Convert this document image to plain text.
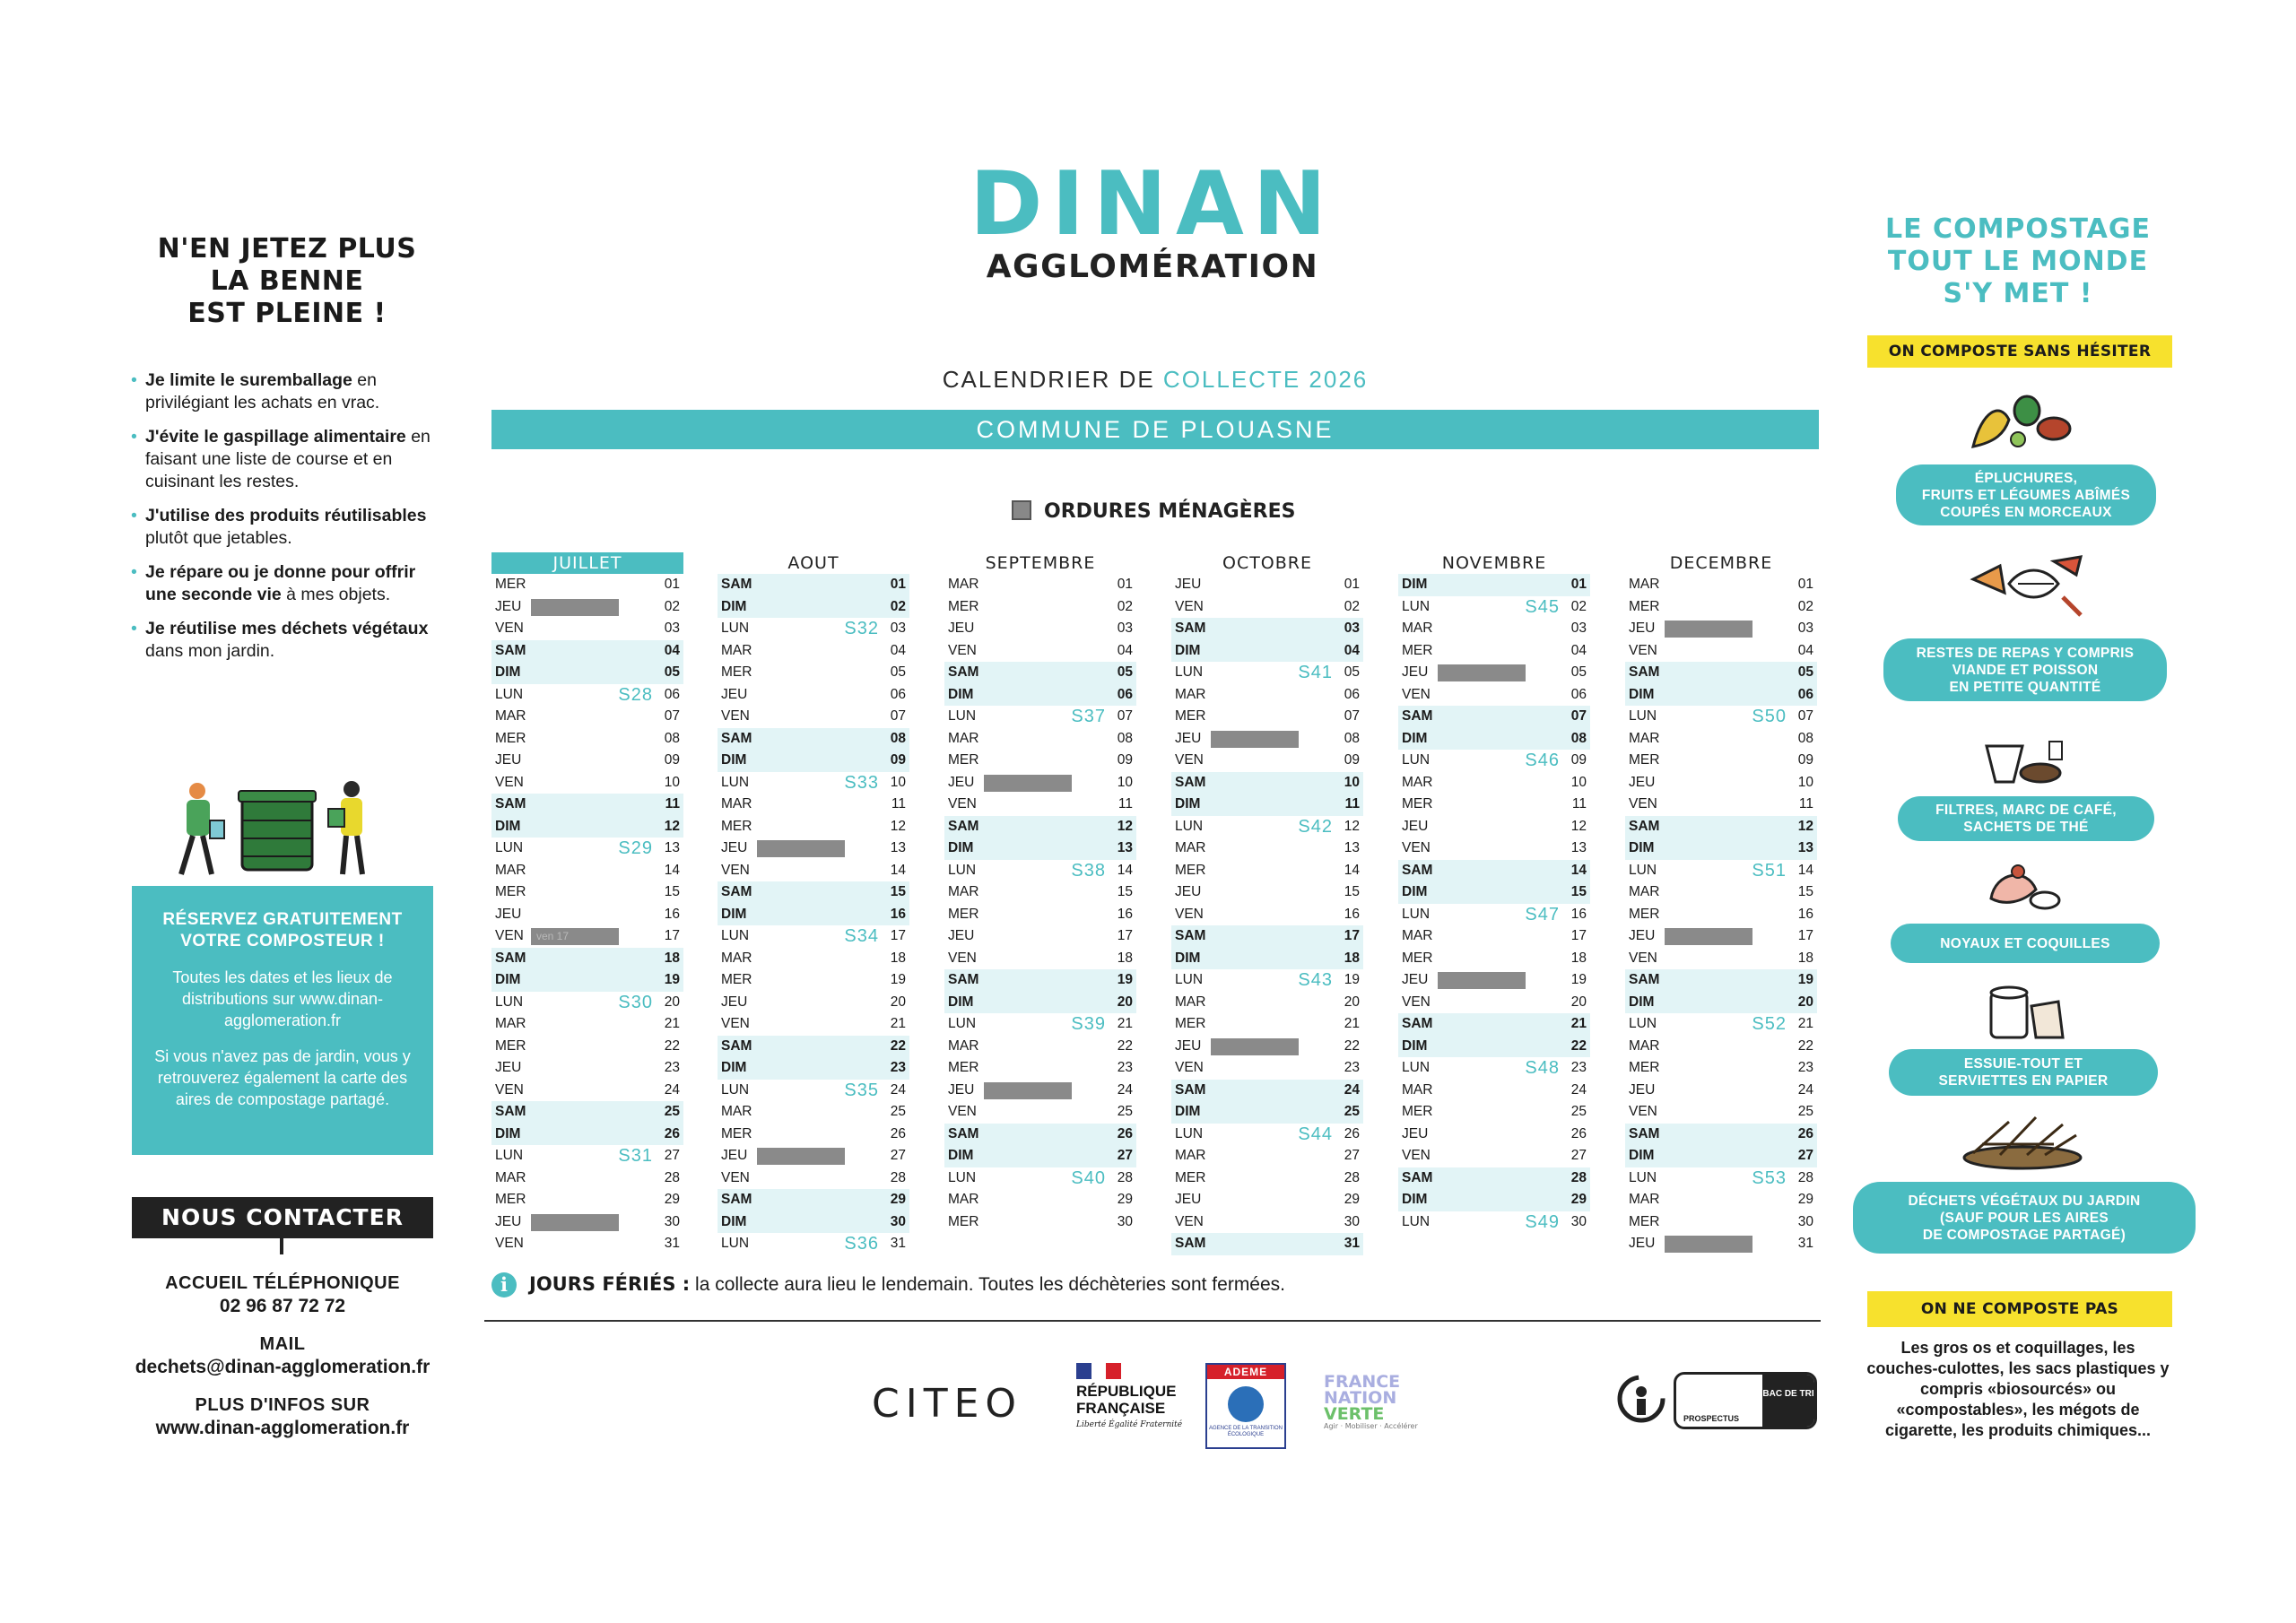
N'EN JETEZ PLUS
LA BENNE
EST PLEINE !
• Je limite le suremballage en privilégiant les achats en vrac.
• J'évite le gaspillage alimentaire en faisant une liste de course et en cuisinant les restes.
• J'utilise des produits réutilisables plutôt que jetables.
• Je répare ou je donne pour offrir une seconde vie à mes objets.
• Je réutilise mes déchets végétaux dans mon jardin.
RÉSERVEZ GRATUITEMENT
VOTRE COMPOSTEUR !

Toutes les dates et les lieux de distributions sur www.dinan-agglomeration.fr

Si vous n'avez pas de jardin, vous y retrouverez également la carte des aires de compostage partagé.

NOUS CONTACTER
ACCUEIL TÉLÉPHONIQUE
02 96 87 72 72
MAIL
dechets@dinan-agglomeration.fr
PLUS D'INFOS SUR
www.dinan-agglomeration.fr
DINAN
AGGLOMÉRATION
CALENDRIER DE COLLECTE 2026
COMMUNE DE PLOUASNE
ORDURES MÉNAGÈRES
JUILLET
MER	01
JEU	02
VEN	03
SAM	04
DIM	05
LUN	S28 06
MAR	07
MER	08
JEU	09
VEN	10
SAM	11
DIM	12
LUN	S29 13
MAR	14
MER	15
JEU	16
VEN	ven 17	17
SAM	18
DIM	19
LUN	S30 20
MAR	21
MER	22
JEU	23
VEN	24
SAM	25
DIM	26
LUN	S31 27
MAR	28
MER	29
JEU	30
VEN	31
AOUT
SAM	01
DIM	02
LUN	S32 03
MAR	04
MER	05
JEU	06
VEN	07
SAM	08
DIM	09
LUN	S33 10
MAR	11
MER	12
JEU	13
VEN	14
SAM	15
DIM	16
LUN	S34 17
MAR	18
MER	19
JEU	20
VEN	21
SAM	22
DIM	23
LUN	S35 24
MAR	25
MER	26
JEU	27
VEN	28
SAM	29
DIM	30
LUN	S36 31
SEPTEMBRE
MAR	01
MER	02
JEU	03
VEN	04
SAM	05
DIM	06
LUN	S37 07
MAR	08
MER	09
JEU	10
VEN	11
SAM	12
DIM	13
LUN	S38 14
MAR	15
MER	16
JEU	17
VEN	18
SAM	19
DIM	20
LUN	S39 21
MAR	22
MER	23
JEU	24
VEN	25
SAM	26
DIM	27
LUN	S40 28
MAR	29
MER	30
OCTOBRE
JEU	01
VEN	02
SAM	03
DIM	04
LUN	S41 05
MAR	06
MER	07
JEU	08
VEN	09
SAM	10
DIM	11
LUN	S42 12
MAR	13
MER	14
JEU	15
VEN	16
SAM	17
DIM	18
LUN	S43 19
MAR	20
MER	21
JEU	22
VEN	23
SAM	24
DIM	25
LUN	S44 26
MAR	27
MER	28
JEU	29
VEN	30
SAM	31
NOVEMBRE
DIM	01
LUN	S45 02
MAR	03
MER	04
JEU	05
VEN	06
SAM	07
DIM	08
LUN	S46 09
MAR	10
MER	11
JEU	12
VEN	13
SAM	14
DIM	15
LUN	S47 16
MAR	17
MER	18
JEU	19
VEN	20
SAM	21
DIM	22
LUN	S48 23
MAR	24
MER	25
JEU	26
VEN	27
SAM	28
DIM	29
LUN	S49 30
DECEMBRE
MAR	01
MER	02
JEU	03
VEN	04
SAM	05
DIM	06
LUN	S50 07
MAR	08
MER	09
JEU	10
VEN	11
SAM	12
DIM	13
LUN	S51 14
MAR	15
MER	16
JEU	17
VEN	18
SAM	19
DIM	20
LUN	S52 21
MAR	22
MER	23
JEU	24
VEN	25
SAM	26
DIM	27
LUN	S53 28
MAR	29
MER	30
JEU	31
i JOURS FÉRIÉS : la collecte aura lieu le lendemain. Toutes les déchèteries sont fermées.
CITEO	RÉPUBLIQUE FRANÇAISE
Liberté Égalité Fraternité
ADEME
AGENCE DE LA TRANSITION ÉCOLOGIQUE
FRANCE
NATION
VERTE
Agir · Mobiliser · Accélérer
PROSPECTUS
BAC DE TRI
LE COMPOSTAGE
TOUT LE MONDE
S'Y MET !
ON COMPOSTE SANS HÉSITER
ÉPLUCHURES,
FRUITS ET LÉGUMES ABÎMÉS
COUPÉS EN MORCEAUX
RESTES DE REPAS Y COMPRIS
VIANDE ET POISSON
EN PETITE QUANTITÉ
FILTRES, MARC DE CAFÉ,
SACHETS DE THÉ
NOYAUX ET COQUILLES
ESSUIE-TOUT ET
SERVIETTES EN PAPIER
DÉCHETS VÉGÉTAUX DU JARDIN
(SAUF POUR LES AIRES
DE COMPOSTAGE PARTAGÉ)
ON NE COMPOSTE PAS
Les gros os et coquillages, les couches-culottes, les sacs plastiques y compris «biosourcés» ou «compostables», les mégots de cigarette, les produits chimiques...
